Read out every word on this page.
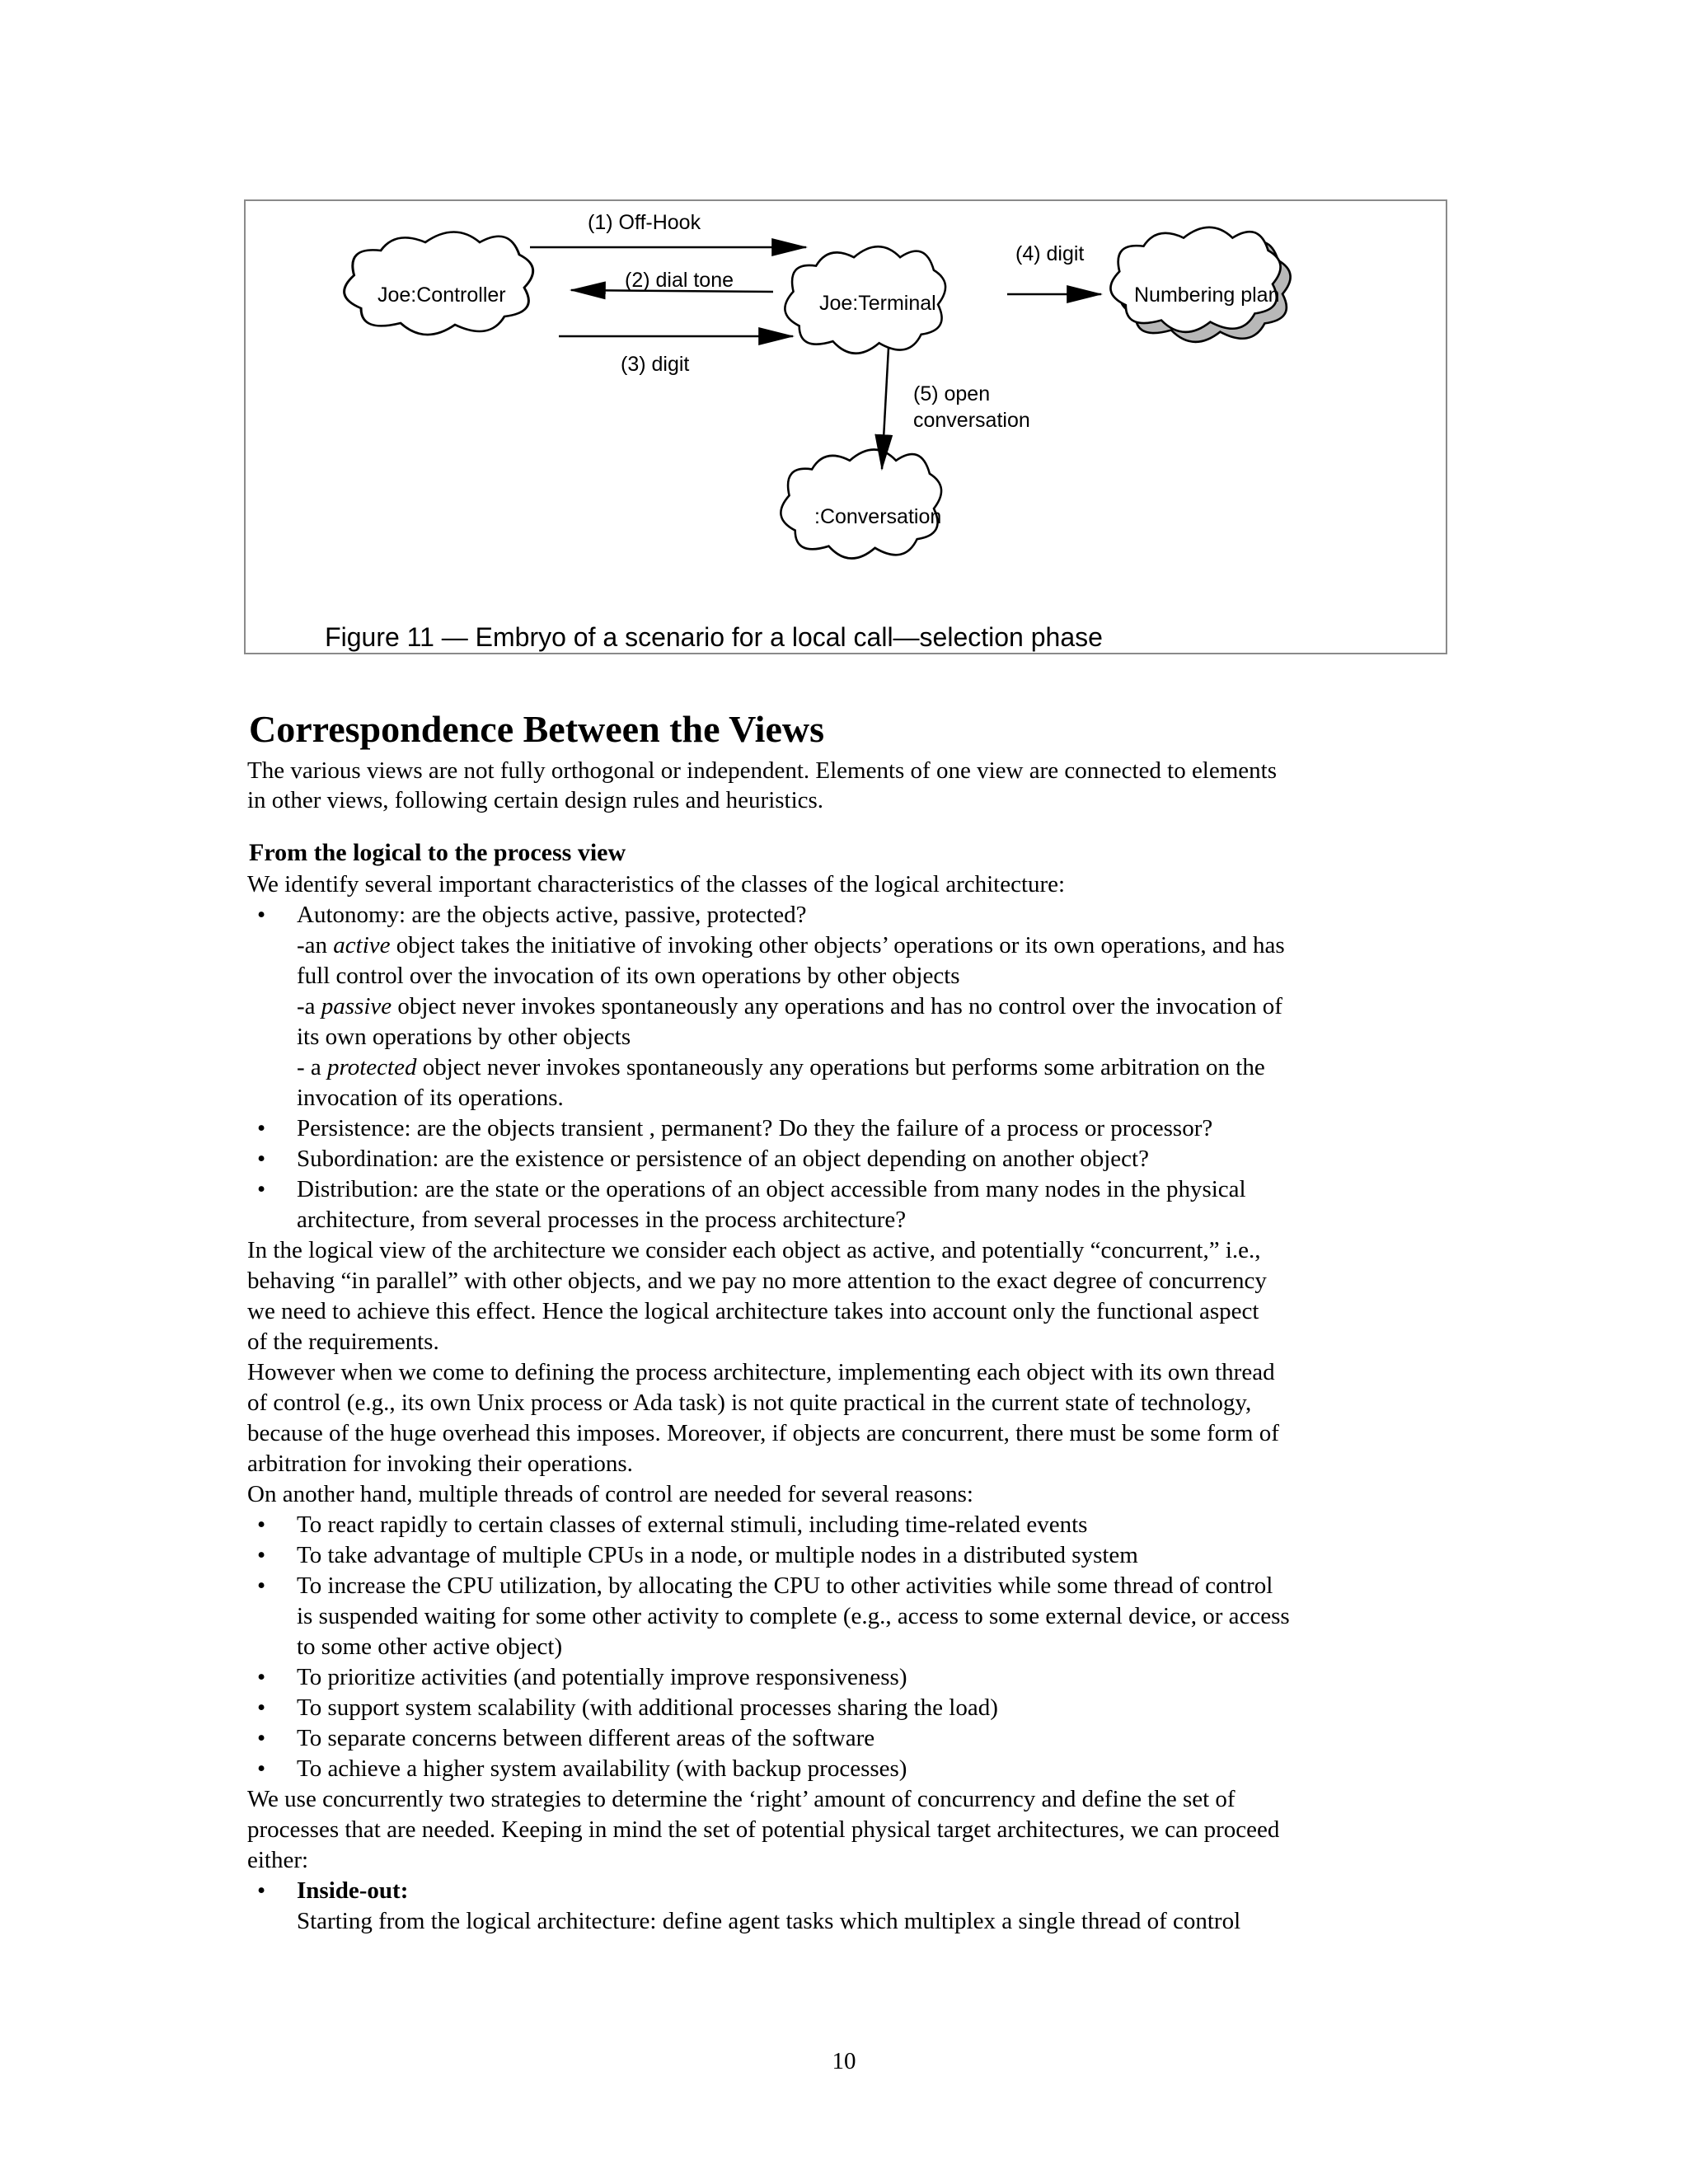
Joe:Controller	Joe:Terminal	Numbering plan
:Conversation
(1) Off-Hook
(2) dial tone
(3) digit
(4) digit
(5) open
conversation
Figure 11 — Embryo of a scenario for a local call—selection phase
Correspondence Between the Views
The various views are not fully orthogonal or independent. Elements of one view are connected to elements
in other views, following certain design rules and heuristics.
From the logical to the process view
We identify several important characteristics of the classes of the logical architecture:
• Autonomy: are the objects active, passive, protected?
-an active object takes the initiative of invoking other objects’ operations or its own operations, and has
full control over the invocation of its own operations by other objects
-a passive object never invokes spontaneously any operations and has no control over the invocation of
its own operations by other objects
- a protected object never invokes spontaneously any operations but performs some arbitration on the
invocation of its operations.
• Persistence: are the objects transient , permanent? Do they the failure of a process or processor?
• Subordination: are the existence or persistence of an object depending on another object?
• Distribution: are the state or the operations of an object accessible from many nodes in the physical
architecture, from several processes in the process architecture?
In the logical view of the architecture we consider each object as active, and potentially “concurrent,” i.e.,
behaving “in parallel” with other objects, and we pay no more attention to the exact degree of concurrency
we need to achieve this effect. Hence the logical architecture takes into account only the functional aspect
of the requirements.
However when we come to defining the process architecture, implementing each object with its own thread
of control (e.g., its own Unix process or Ada task) is not quite practical in the current state of technology,
because of the huge overhead this imposes. Moreover, if objects are concurrent, there must be some form of
arbitration for invoking their operations.
On another hand, multiple threads of control are needed for several reasons:
• To react rapidly to certain classes of external stimuli, including time-related events
• To take advantage of multiple CPUs in a node, or multiple nodes in a distributed system
• To increase the CPU utilization, by allocating the CPU to other activities while some thread of control
is suspended waiting for some other activity to complete (e.g., access to some external device, or access
to some other active object)
• To prioritize activities (and potentially improve responsiveness)
• To support system scalability (with additional processes sharing the load)
• To separate concerns between different areas of the software
• To achieve a higher system availability (with backup processes)
We use concurrently two strategies to determine the ‘right’ amount of concurrency and define the set of
processes that are needed. Keeping in mind the set of potential physical target architectures, we can proceed
either:
• Inside-out:
Starting from the logical architecture: define agent tasks which multiplex a single thread of control
10
